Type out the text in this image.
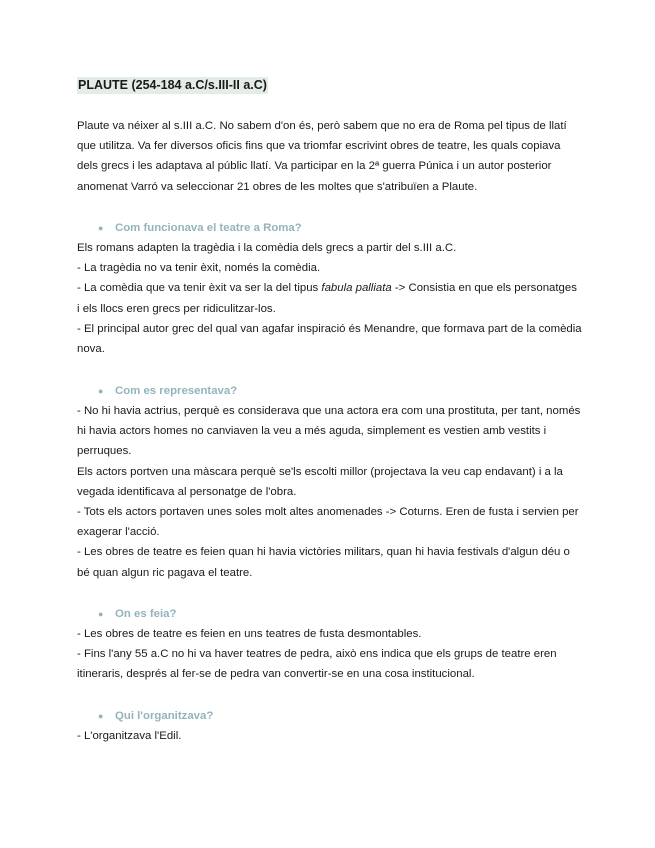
PLAUTE (254-184 a.C/s.III-II a.C)

Plaute va néixer al s.III a.C. No sabem d'on és, però sabem que no era de Roma pel tipus de llatí que utilitza. Va fer diversos oficis fins que va triomfar escrivint obres de teatre, les quals copiava dels grecs i les adaptava al públic llatí. Va participar en la 2ª guerra Púnica i un autor posterior anomenat Varró va seleccionar 21 obres de les moltes que s'atribuïen a Plaute.

● Com funcionava el teatre a Roma?

Els romans adapten la tragèdia i la comèdia dels grecs a partir del s.III a.C.

- La tragèdia no va tenir èxit, només la comèdia.

- La comèdia que va tenir èxit va ser la del tipus fabula palliata -> Consistia en que els personatges i els llocs eren grecs per ridiculitzar-los.

- El principal autor grec del qual van agafar inspiració és Menandre, que formava part de la comèdia nova.

● Com es representava?

- No hi havia actrius, perquè es considerava que una actora era com una prostituta, per tant, només hi havia actors homes no canviaven la veu a més aguda, simplement es vestien amb vestits i perruques.

Els actors portven una màscara perquè se'ls escolti millor (projectava la veu cap endavant) i a la vegada identificava al personatge de l'obra.

- Tots els actors portaven unes soles molt altes anomenades -> Coturns. Eren de fusta i servien per exagerar l'acció.

- Les obres de teatre es feien quan hi havia victòries militars, quan hi havia festivals d'algun déu o bé quan algun ric pagava el teatre.

● On es feia?

- Les obres de teatre es feien en uns teatres de fusta desmontables.

- Fins l'any 55 a.C no hi va haver teatres de pedra, això ens indica que els grups de teatre eren itineraris, després al fer-se de pedra van convertir-se en una cosa institucional.

● Qui l'organitzava?

- L'organitzava l'Edil.
